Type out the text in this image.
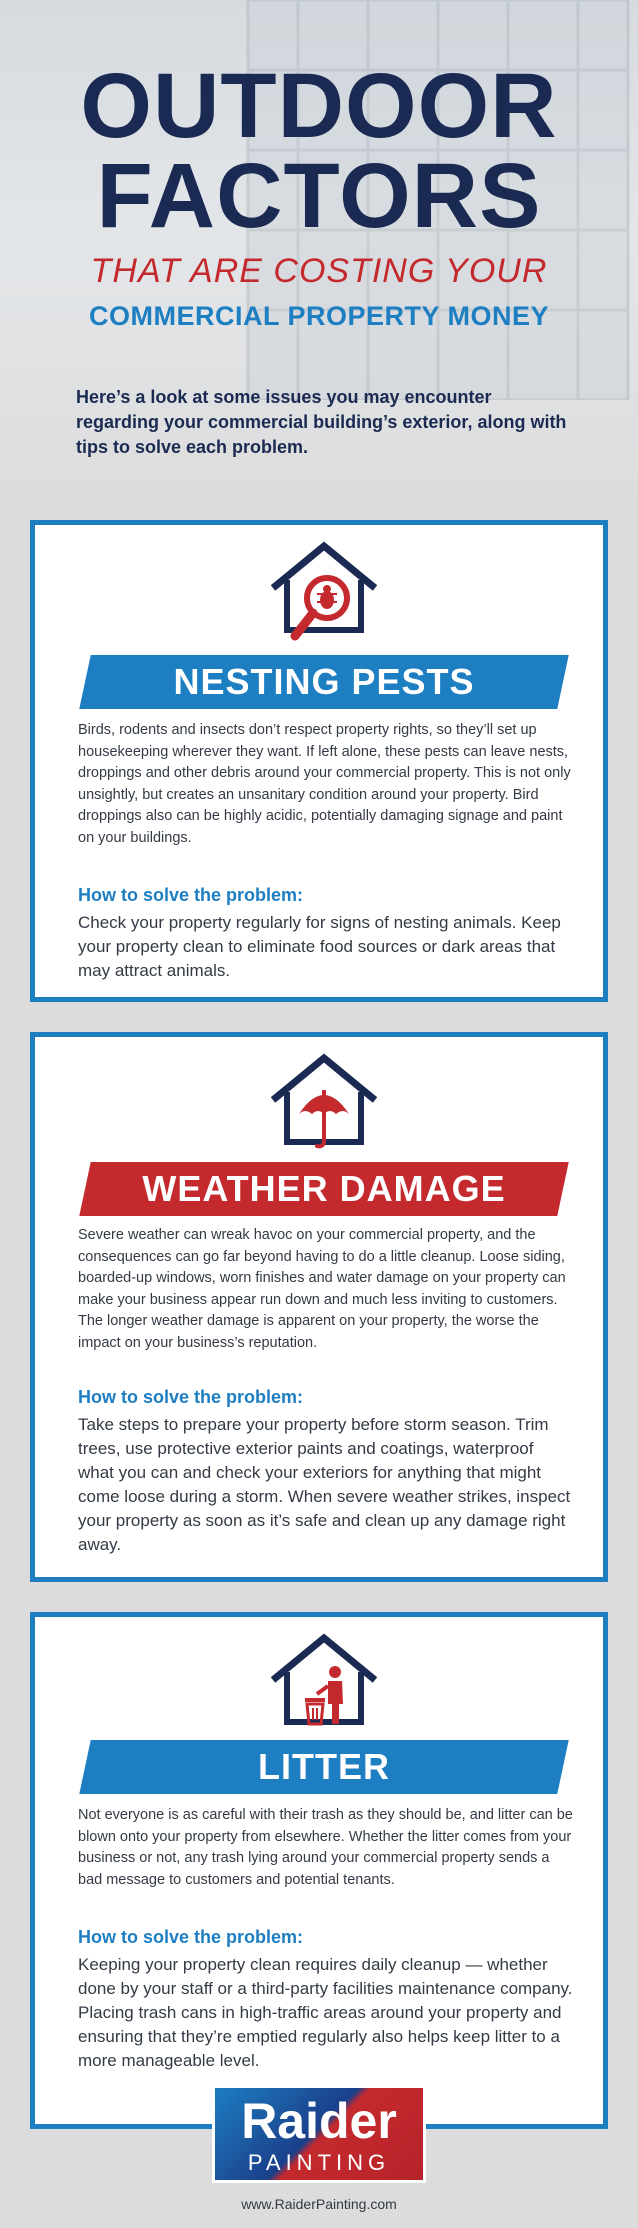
OUTDOOR
FACTORS
THAT ARE COSTING YOUR
COMMERCIAL PROPERTY MONEY
Here’s a look at some issues you may encounter regarding your commercial building’s exterior, along with tips to solve each problem.
NESTING PESTS
Birds, rodents and insects don’t respect property rights, so they’ll set up housekeeping wherever they want. If left alone, these pests can leave nests, droppings and other debris around your commercial property. This is not only unsightly, but creates an unsanitary condition around your property. Bird droppings also can be highly acidic, potentially damaging signage and paint on your buildings.
How to solve the problem:
Check your property regularly for signs of nesting animals. Keep your property clean to eliminate food sources or dark areas that may attract animals.
WEATHER DAMAGE
Severe weather can wreak havoc on your commercial property, and the consequences can go far beyond having to do a little cleanup. Loose siding, boarded-up windows, worn finishes and water damage on your property can make your business appear run down and much less inviting to customers. The longer weather damage is apparent on your property, the worse the impact on your business’s reputation.
How to solve the problem:
Take steps to prepare your property before storm season. Trim trees, use protective exterior paints and coatings, waterproof what you can and check your exteriors for anything that might come loose during a storm. When severe weather strikes, inspect your property as soon as it’s safe and clean up any damage right away.
LITTER
Not everyone is as careful with their trash as they should be, and litter can be blown onto your property from elsewhere. Whether the litter comes from your business or not, any trash lying around your commercial property sends a bad message to customers and potential tenants.
How to solve the problem:
Keeping your property clean requires daily cleanup — whether done by your staff or a third-party facilities maintenance company. Placing trash cans in high-traffic areas around your property and ensuring that they’re emptied regularly also helps keep litter to a more manageable level.
Raider
PAINTING
www.RaiderPainting.com
